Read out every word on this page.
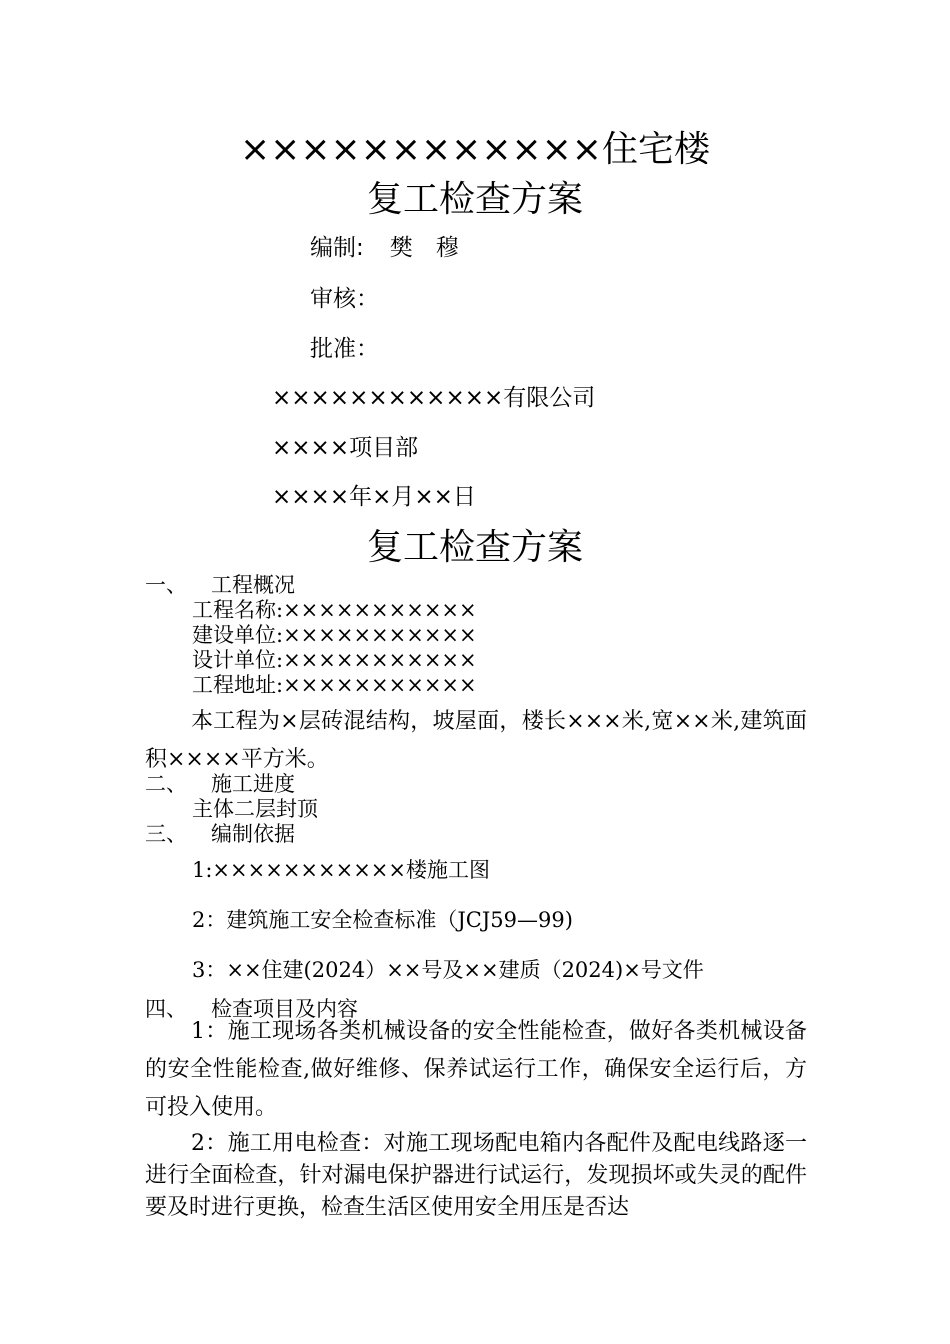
××××××××××××住宅楼
复工检查方案
编制: 樊　穆
审核：
批准：
××××××××××××有限公司
××××项目部
××××年×月××日
复工检查方案
一、 工程概况
工程名称:×××××××××××
建设单位:×××××××××××
设计单位:×××××××××××
工程地址:×××××××××××
本工程为×层砖混结构，坡屋面，楼长×××米,宽××米,建筑面积××××平方米。
二、 施工进度
主体二层封顶
三、 编制依据
1:×××××××××××楼施工图
2：建筑施工安全检查标准（JCJ59—99)
3：××住建(2024）××号及××建质（2024)×号文件
四、 检查项目及内容
1：施工现场各类机械设备的安全性能检查，做好各类机械设备的安全性能检查,做好维修、保养试运行工作，确保安全运行后，方可投入使用。
2：施工用电检查：对施工现场配电箱内各配件及配电线路逐一进行全面检查，针对漏电保护器进行试运行，发现损坏或失灵的配件要及时进行更换，检查生活区使用安全用压是否达
